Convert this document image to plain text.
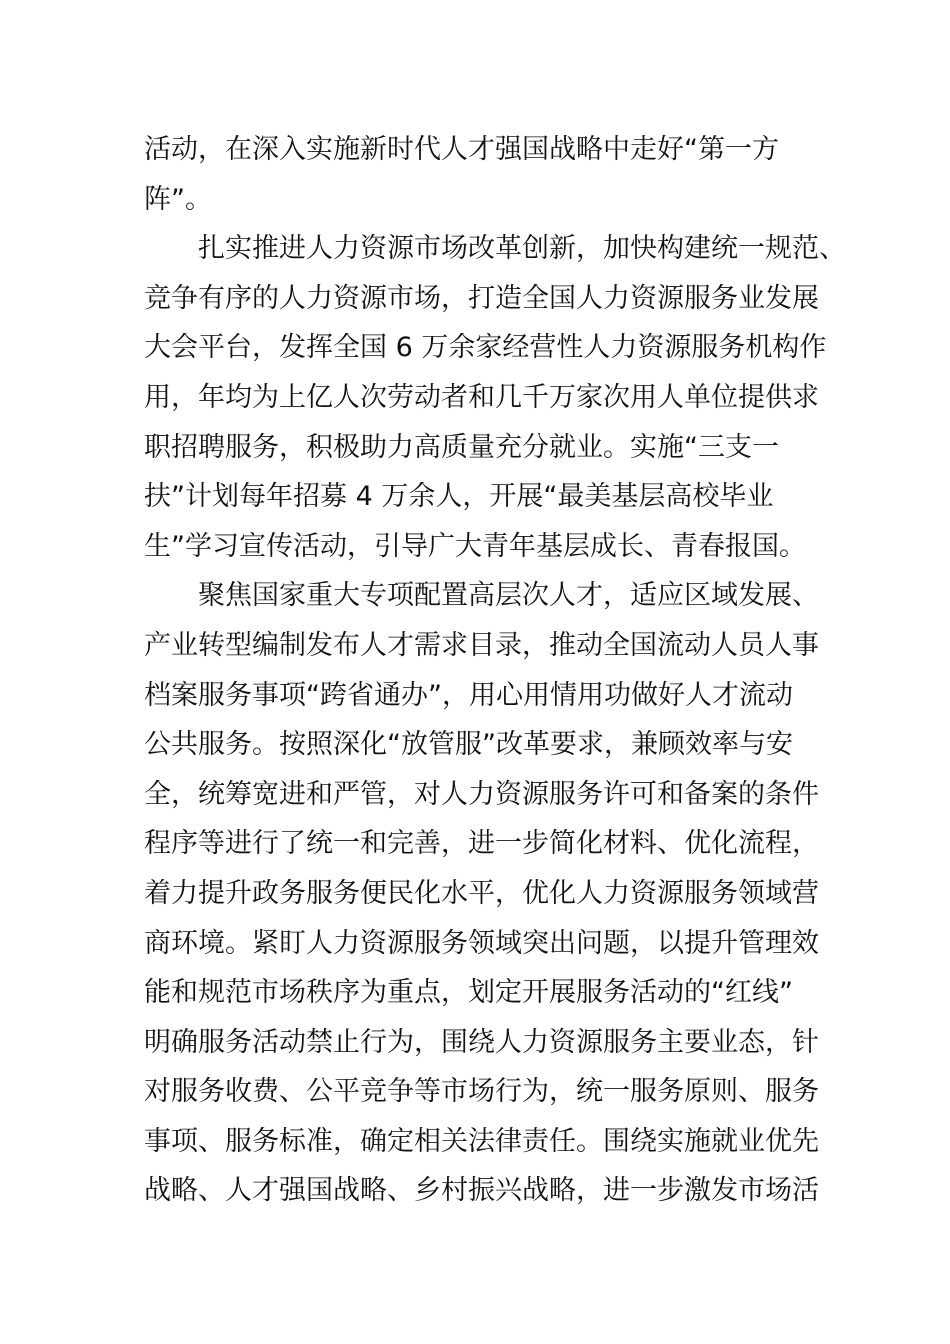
活动，在深入实施新时代人才强国战略中走好“第一方
阵”。
　　扎实推进人力资源市场改革创新，加快构建统一规范、
竞争有序的人力资源市场，打造全国人力资源服务业发展
大会平台，发挥全国 6 万余家经营性人力资源服务机构作
用，年均为上亿人次劳动者和几千万家次用人单位提供求
职招聘服务，积极助力高质量充分就业。实施“三支一
扶”计划每年招募 4 万余人，开展“最美基层高校毕业
生”学习宣传活动，引导广大青年基层成长、青春报国。
　　聚焦国家重大专项配置高层次人才，适应区域发展、
产业转型编制发布人才需求目录，推动全国流动人员人事
档案服务事项“跨省通办”，用心用情用功做好人才流动
公共服务。按照深化“放管服”改革要求，兼顾效率与安
全，统筹宽进和严管，对人力资源服务许可和备案的条件
程序等进行了统一和完善，进一步简化材料、优化流程，
着力提升政务服务便民化水平，优化人力资源服务领域营
商环境。紧盯人力资源服务领域突出问题，以提升管理效
能和规范市场秩序为重点，划定开展服务活动的“红线”
明确服务活动禁止行为，围绕人力资源服务主要业态，针
对服务收费、公平竞争等市场行为，统一服务原则、服务
事项、服务标准，确定相关法律责任。围绕实施就业优先
战略、人才强国战略、乡村振兴战略，进一步激发市场活
